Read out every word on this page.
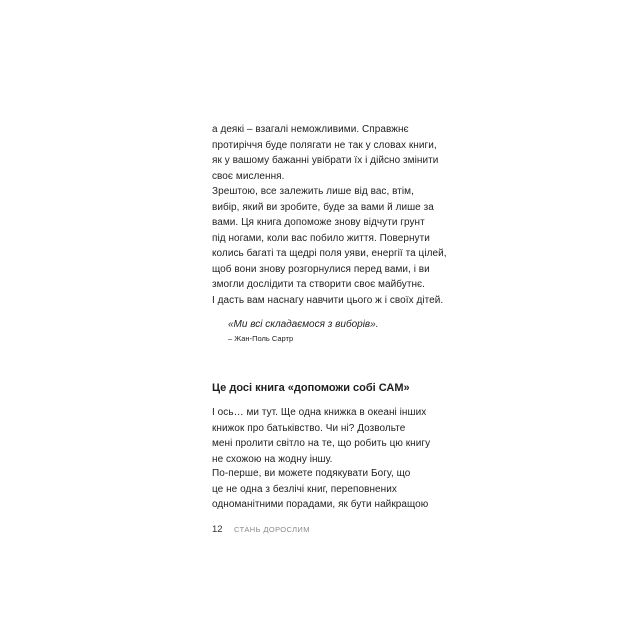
а деякі – взагалі неможливими. Справжнє
протиріччя буде полягати не так у словах книги,
як у вашому бажанні увібрати їх і дійсно змінити
своє мислення.

Зрештою, все залежить лише від вас, втім,
вибір, який ви зробите, буде за вами й лише за
вами. Ця книга допоможе знову відчути грунт
під ногами, коли вас побило життя. Повернути
колись багаті та щедрі поля уяви, енергії та цілей,
щоб вони знову розгорнулися перед вами, і ви
змогли дослідити та створити своє майбутнє.
І дасть вам наснагу навчити цього ж і своїх дітей.

«Ми всі складаємося з виборів».
– Жан-Поль Сартр
Це досі книга «допоможи собі САМ»

І ось… ми тут. Ще одна книжка в океані інших
книжок про батьківство. Чи ні? Дозвольте
мені пролити світло на те, що робить цю книгу
не схожою на жодну іншу.

По-перше, ви можете подякувати Богу, що
це не одна з безлічі книг, переповнених
одноманітними порадами, як бути найкращою

12 СТАНЬ ДОРОСЛИМ
